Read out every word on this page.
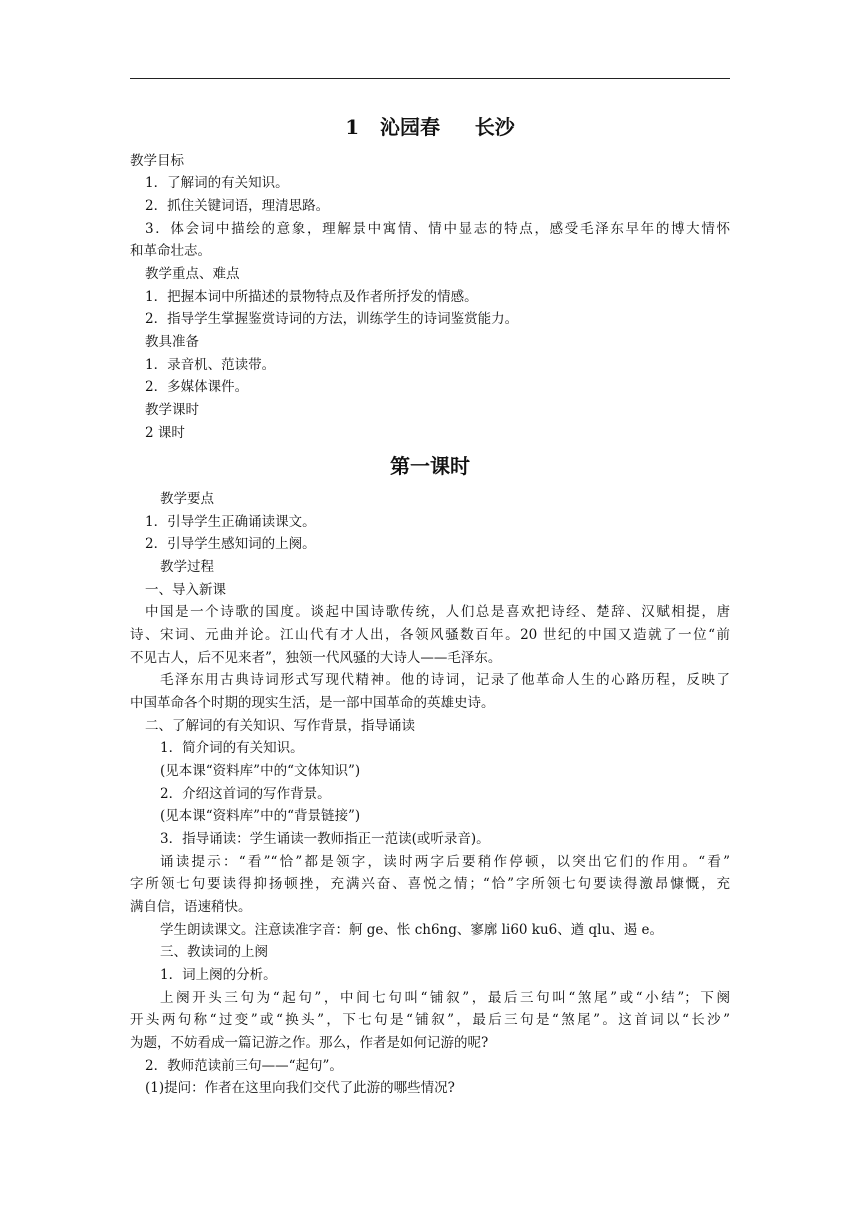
1   沁园春     长沙
教学目标
1．了解词的有关知识。
2．抓住关键词语，理清思路。
3．体会词中描绘的意象，理解景中寓情、情中显志的特点，感受毛泽东早年的博大情怀
和革命壮志。
教学重点、难点
1．把握本词中所描述的景物特点及作者所抒发的情感。
2．指导学生掌握鉴赏诗词的方法，训练学生的诗词鉴赏能力。
教具准备
1．录音机、范读带。
2．多媒体课件。
教学课时
2 课时
第一课时
教学要点
1．引导学生正确诵读课文。
2．引导学生感知词的上阕。
教学过程
一、导入新课
中国是一个诗歌的国度。谈起中国诗歌传统，人们总是喜欢把诗经、楚辞、汉赋相提，唐
诗、宋词、元曲并论。江山代有才人出，各领风骚数百年。20 世纪的中国又造就了一位“前
不见古人，后不见来者”，独领一代风骚的大诗人——毛泽东。
毛泽东用古典诗词形式写现代精神。他的诗词，记录了他革命人生的心路历程，反映了
中国革命各个时期的现实生活，是一部中国革命的英雄史诗。
二、了解词的有关知识、写作背景，指导诵读
1．简介词的有关知识。
(见本课“资料库”中的“文体知识”)
2．介绍这首词的写作背景。
(见本课“资料库”中的“背景链接”)
3．指导诵读：学生诵读一教师指正一范读(或听录音)。
诵读提示：“看”“恰”都是领字，读时两字后要稍作停顿，以突出它们的作用。“看”
字所领七句要读得抑扬顿挫，充满兴奋、喜悦之情；“恰”字所领七句要读得激昂慷慨，充
满自信，语速稍快。
学生朗读课文。注意读准字音：舸 ge、怅 ch6ng、寥廓 li60 ku6、遒 qlu、遏 e。
三、教读词的上阕
1．词上阕的分析。
上阕开头三句为“起句”，中间七句叫“铺叙”，最后三句叫“煞尾”或“小结”；下阕
开头两句称“过变”或“换头”，下七句是“铺叙”，最后三句是“煞尾”。这首词以“长沙”
为题，不妨看成一篇记游之作。那么，作者是如何记游的呢?
2．教师范读前三句——“起句”。
(1)提问：作者在这里向我们交代了此游的哪些情况?
